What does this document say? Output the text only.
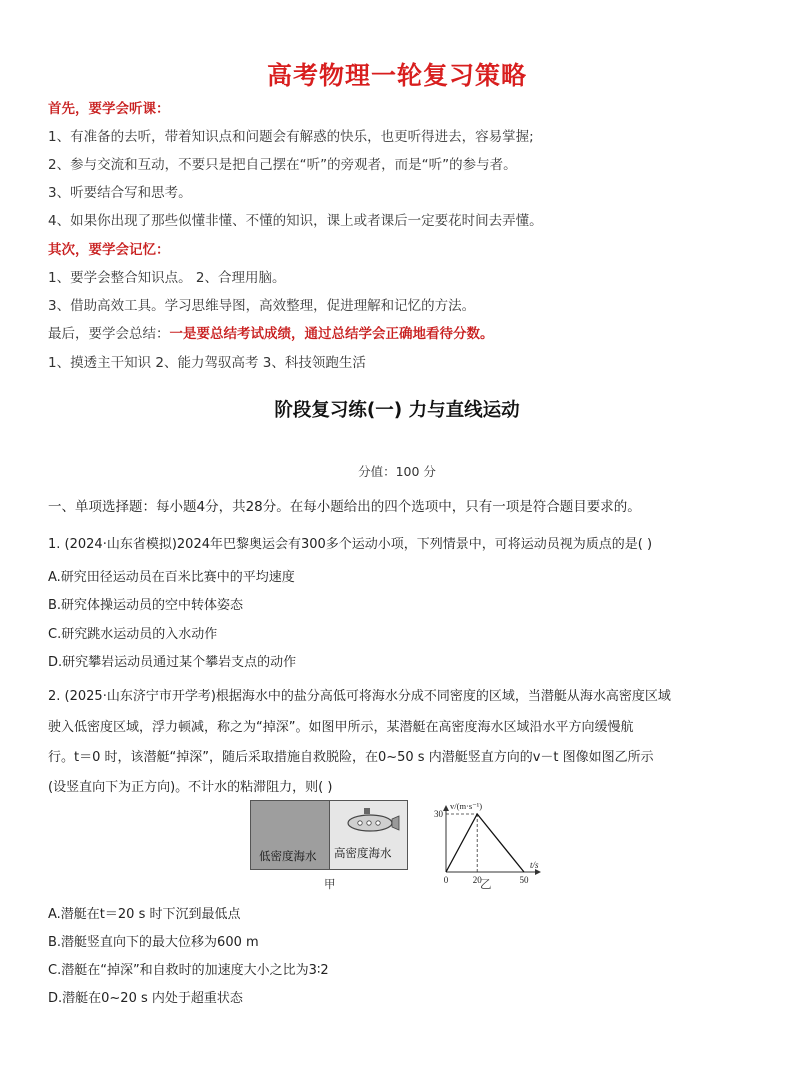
高考物理一轮复习策略
首先，要学会听课：
1、有准备的去听，带着知识点和问题会有解惑的快乐，也更听得进去，容易掌握;
2、参与交流和互动，不要只是把自己摆在“听”的旁观者，而是“听”的参与者。
3、听要结合写和思考。
4、如果你出现了那些似懂非懂、不懂的知识，课上或者课后一定要花时间去弄懂。
其次，要学会记忆：
1、要学会整合知识点。 2、合理用脑。
3、借助高效工具。学习思维导图，高效整理，促进理解和记忆的方法。
最后，要学会总结：一是要总结考试成绩，通过总结学会正确地看待分数。
1、摸透主干知识 2、能力驾驭高考 3、科技领跑生活
阶段复习练(一) 力与直线运动
分值：100 分
一、单项选择题：每小题4分，共28分。在每小题给出的四个选项中，只有一项是符合题目要求的。
1. (2024·山东省模拟)2024年巴黎奥运会有300多个运动小项，下列情景中，可将运动员视为质点的是( )
A.研究田径运动员在百米比赛中的平均速度
B.研究体操运动员的空中转体姿态
C.研究跳水运动员的入水动作
D.研究攀岩运动员通过某个攀岩支点的动作
2. (2025·山东济宁市开学考)根据海水中的盐分高低可将海水分成不同密度的区域，当潜艇从海水高密度区域
驶入低密度区域，浮力顿减，称之为“掉深”。如图甲所示，某潜艇在高密度海水区域沿水平方向缓慢航
行。t＝0 时，该潜艇“掉深”，随后采取措施自救脱险，在0~50 s 内潜艇竖直方向的v－t 图像如图乙所示
(设竖直向下为正方向)。不计水的粘滞阻力，则( )
低密度海水 高密度海水
甲	0	20	50
30
v/(m·s⁻¹)
t/s
乙
A.潜艇在t＝20 s 时下沉到最低点
B.潜艇竖直向下的最大位移为600 m
C.潜艇在“掉深”和自救时的加速度大小之比为3∶2
D.潜艇在0~20 s 内处于超重状态
